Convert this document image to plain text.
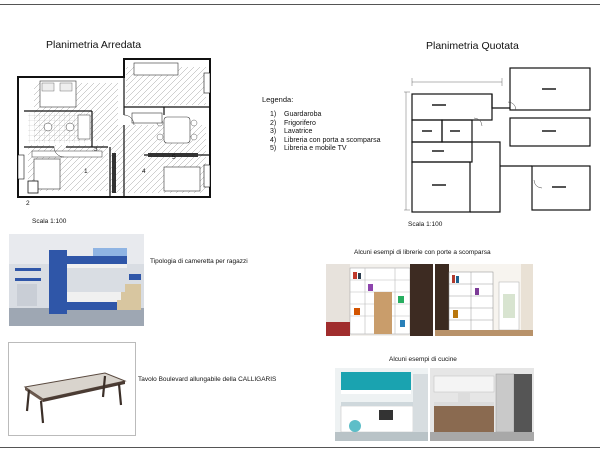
Planimetria Arredata	Planimetria Quotata
1
2
3
4
5
Scala 1:100
Legenda:
1) Guardaroba
2) Frigorifero
3) Lavatrice
4) Libreria con porta a scomparsa
5) Libreria e mobile TV
Scala 1:100
Tipologia di cameretta per ragazzi
Alcuni esempi di librerie con porte a scomparsa
Tavolo Boulevard allungabile della CALLIGARIS
Alcuni esempi di cucine
